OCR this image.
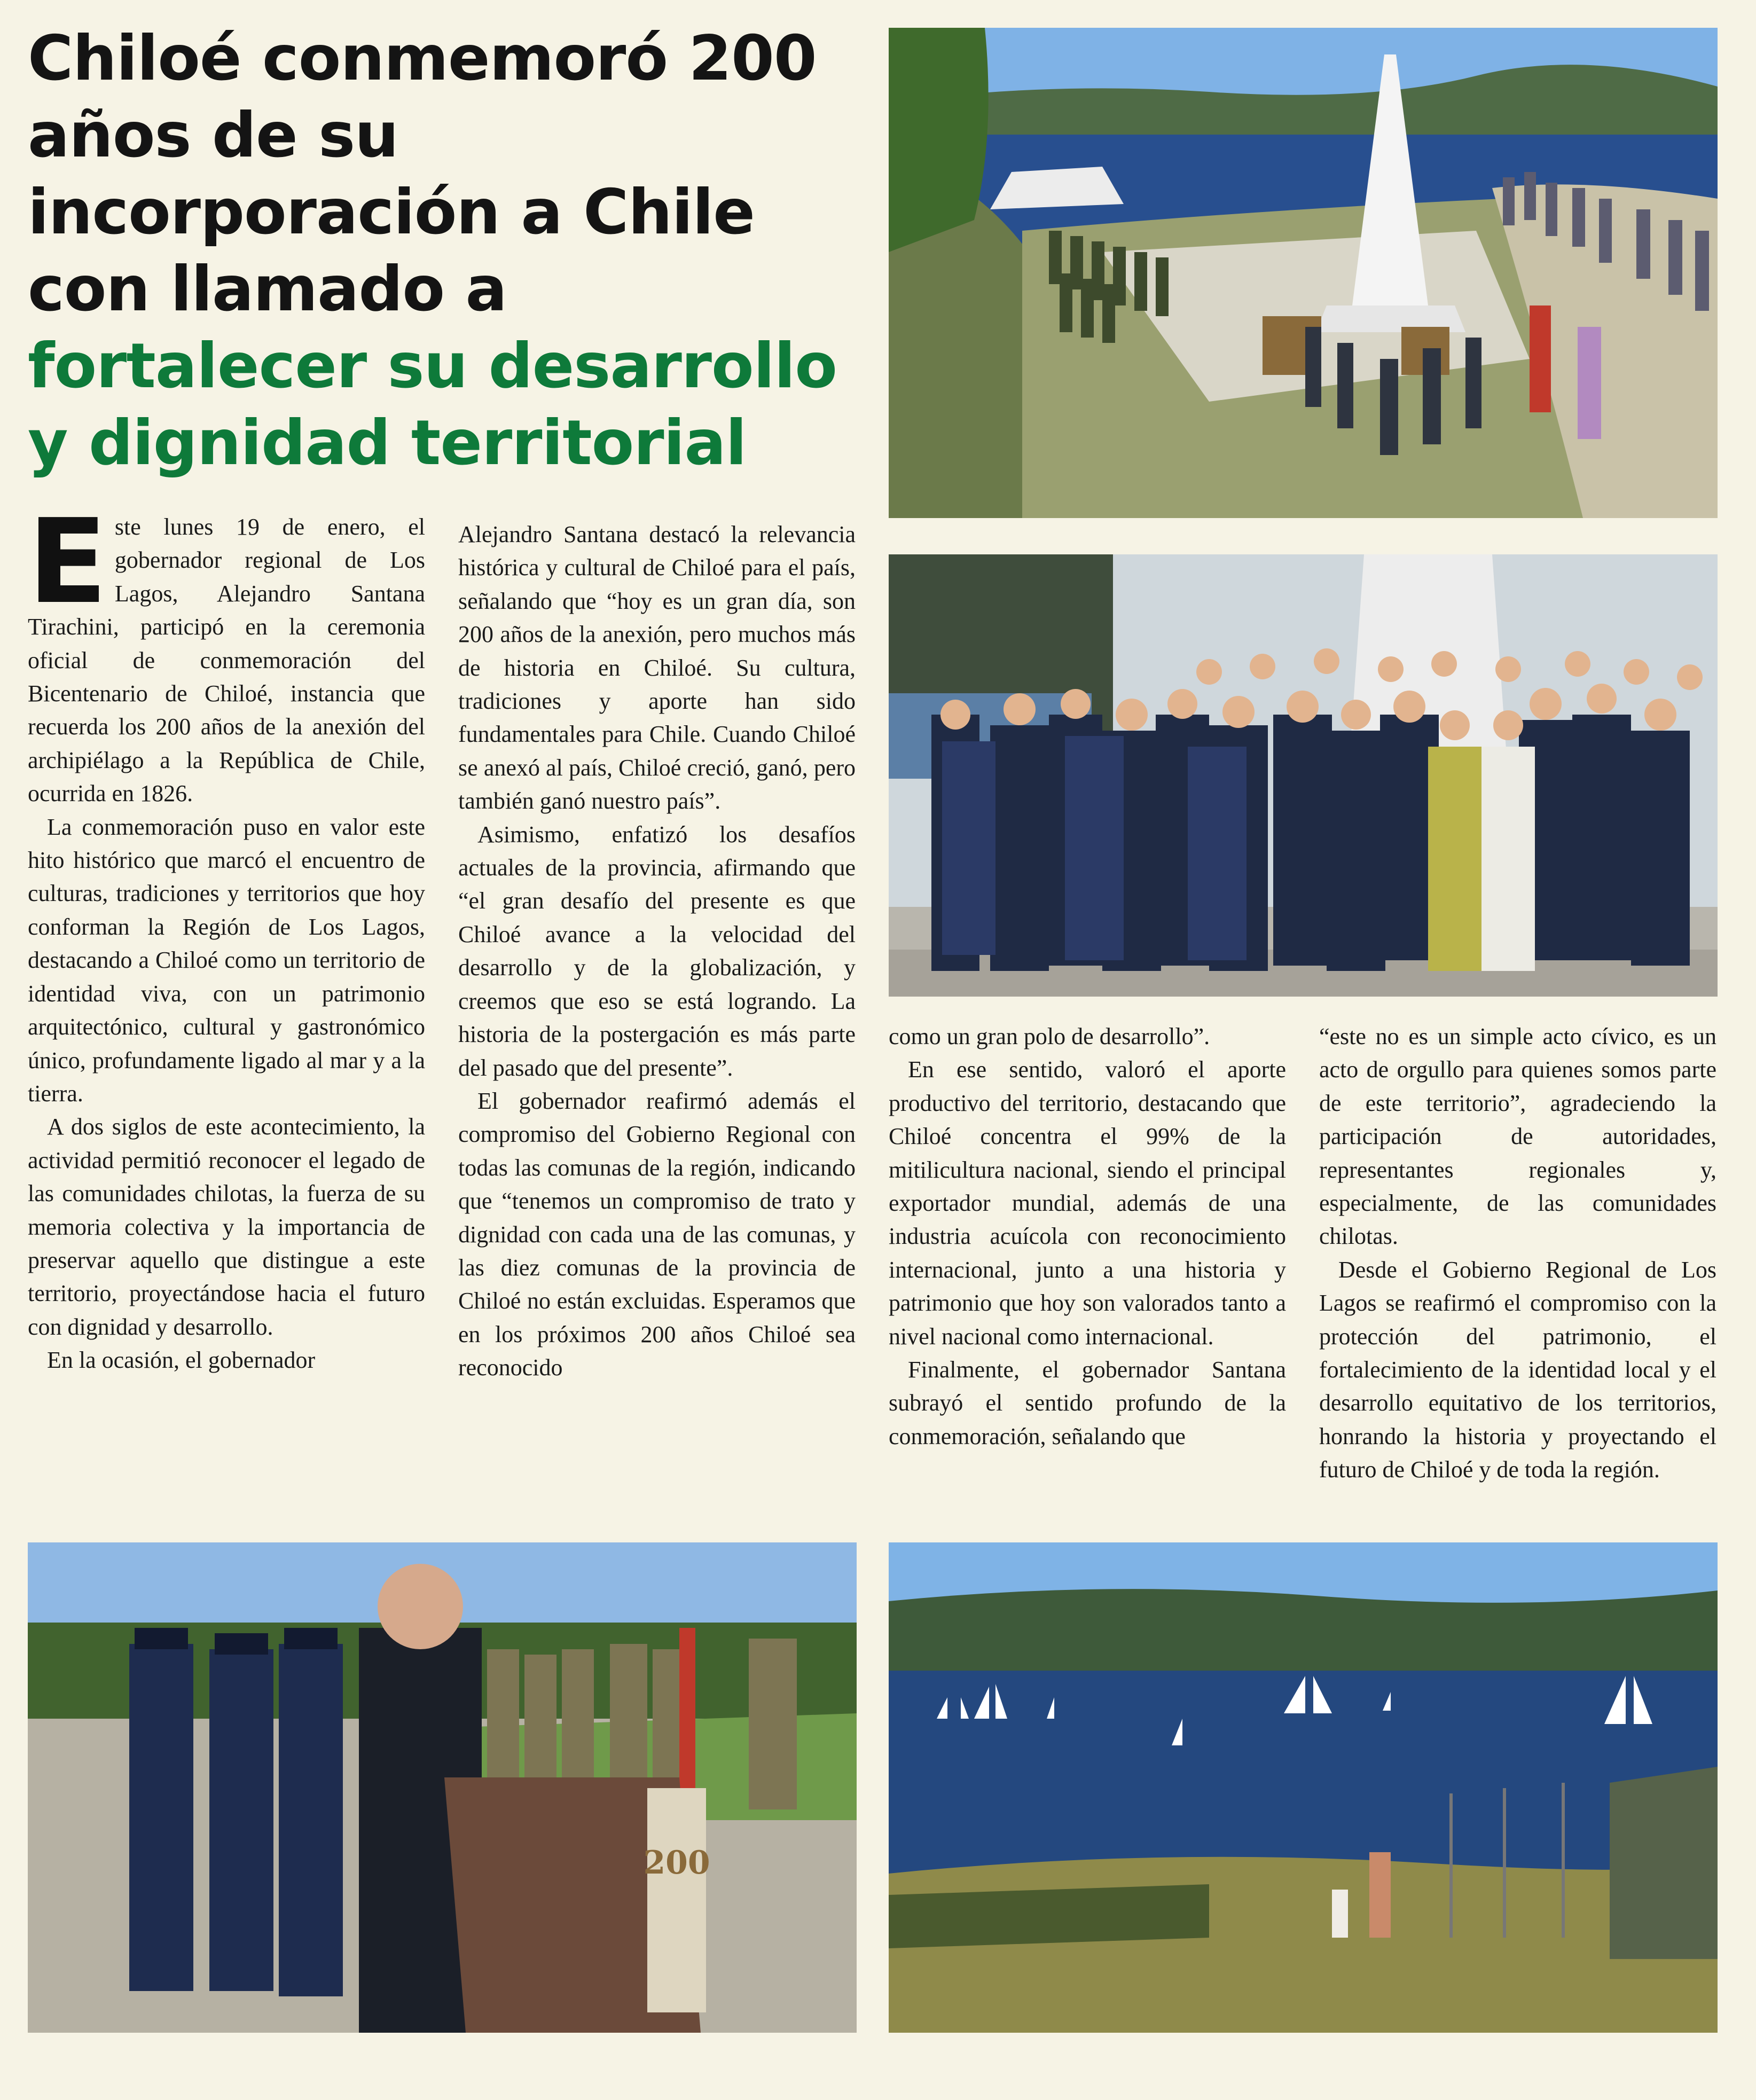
Chiloé conmemoró 200 años de su incorporación a Chile con llamado a
fortalecer su desarrollo y dignidad territorial
200

Este lunes 19 de enero, el gobernador regional de Los Lagos, Alejandro Santana Tirachini, participó en la ceremonia oficial de conmemoración del Bicentenario de Chiloé, instancia que recuerda los 200 años de la anexión del archipiélago a la República de Chile, ocurrida en 1826.

La conmemoración puso en valor este hito histórico que marcó el encuentro de culturas, tradiciones y territorios que hoy conforman la Región de Los Lagos, destacando a Chiloé como un territorio de identidad viva, con un patrimonio arquitectónico, cultural y gastronómico único, profundamente ligado al mar y a la tierra.

A dos siglos de este acontecimiento, la actividad permitió reconocer el legado de las comunidades chilotas, la fuerza de su memoria colectiva y la importancia de preservar aquello que distingue a este territorio, proyectándose hacia el futuro con dignidad y desarrollo.

En la ocasión, el gobernador

Alejandro Santana destacó la relevancia histórica y cultural de Chiloé para el país, señalando que “hoy es un gran día, son 200 años de la anexión, pero muchos más de historia en Chiloé. Su cultura, tradiciones y aporte han sido fundamentales para Chile. Cuando Chiloé se anexó al país, Chiloé creció, ganó, pero también ganó nuestro país”.

Asimismo, enfatizó los desafíos actuales de la provincia, afirmando que “el gran desafío del presente es que Chiloé avance a la velocidad del desarrollo y de la globalización, y creemos que eso se está logrando. La historia de la postergación es más parte del pasado que del presente”.

El gobernador reafirmó además el compromiso del Gobierno Regional con todas las comunas de la región, indicando que “tenemos un compromiso de trato y dignidad con cada una de las comunas, y las diez comunas de la provincia de Chiloé no están excluidas. Esperamos que en los próximos 200 años Chiloé sea reconocido

como un gran polo de desarrollo”.

En ese sentido, valoró el aporte productivo del territorio, destacando que Chiloé concentra el 99% de la mitilicultura nacional, siendo el principal exportador mundial, además de una industria acuícola con reconocimiento internacional, junto a una historia y patrimonio que hoy son valorados tanto a nivel nacional como internacional.

Finalmente, el gobernador Santana subrayó el sentido profundo de la conmemoración, señalando que

“este no es un simple acto cívico, es un acto de orgullo para quienes somos parte de este territorio”, agradeciendo la participación de autoridades, representantes regionales y, especialmente, de las comunidades chilotas.

Desde el Gobierno Regional de Los Lagos se reafirmó el compromiso con la protección del patrimonio, el fortalecimiento de la identidad local y el desarrollo equitativo de los territorios, honrando la historia y proyectando el futuro de Chiloé y de toda la región.
